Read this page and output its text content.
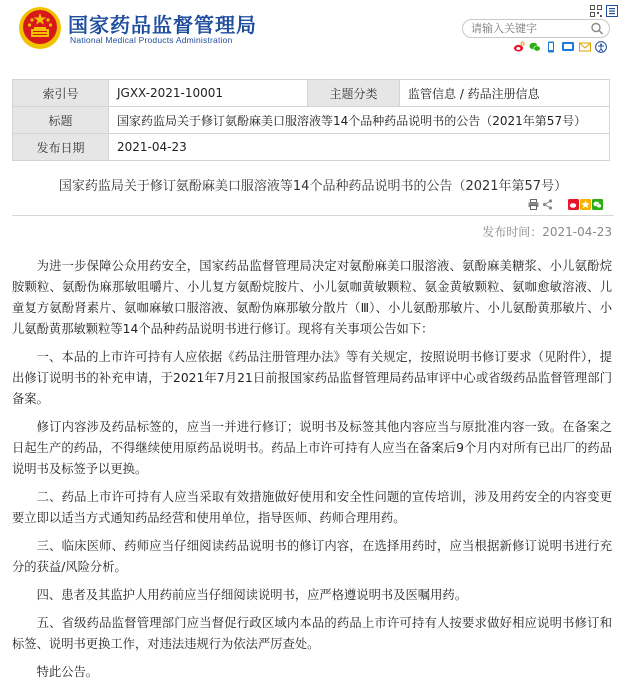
国家药品监督管理局
National Medical Products Administration
请输入关键字
索引号	JGXX-2021-10001	主题分类	监管信息 / 药品注册信息
标题	国家药监局关于修订氨酚麻美口服溶液等14个品种药品说明书的公告（2021年第57号）		
发布日期	2021-04-23		
国家药监局关于修订氨酚麻美口服溶液等14个品种药品说明书的公告（2021年第57号）
发布时间：2021-04-23

为进一步保障公众用药安全，国家药品监督管理局决定对氨酚麻美口服溶液、氨酚麻美糖浆、小儿氨酚烷胺颗粒、氨酚伪麻那敏咀嚼片、小儿复方氨酚烷胺片、小儿氨咖黄敏颗粒、氨金黄敏颗粒、氨咖愈敏溶液、儿童复方氨酚肾素片、氨咖麻敏口服溶液、氨酚伪麻那敏分散片（Ⅲ）、小儿氨酚那敏片、小儿氨酚黄那敏片、小儿氨酚黄那敏颗粒等14个品种药品说明书进行修订。现将有关事项公告如下：

一、本品的上市许可持有人应依据《药品注册管理办法》等有关规定，按照说明书修订要求（见附件），提出修订说明书的补充申请，于2021年7月21日前报国家药品监督管理局药品审评中心或省级药品监督管理部门备案。

修订内容涉及药品标签的，应当一并进行修订；说明书及标签其他内容应当与原批准内容一致。在备案之日起生产的药品，不得继续使用原药品说明书。药品上市许可持有人应当在备案后9个月内对所有已出厂的药品说明书及标签予以更换。

二、药品上市许可持有人应当采取有效措施做好使用和安全性问题的宣传培训，涉及用药安全的内容变更要立即以适当方式通知药品经营和使用单位，指导医师、药师合理用药。

三、临床医师、药师应当仔细阅读药品说明书的修订内容，在选择用药时，应当根据新修订说明书进行充分的获益/风险分析。

四、患者及其监护人用药前应当仔细阅读说明书，应严格遵说明书及医嘱用药。

五、省级药品监督管理部门应当督促行政区域内本品的药品上市许可持有人按要求做好相应说明书修订和标签、说明书更换工作，对违法违规行为依法严厉查处。

特此公告。
